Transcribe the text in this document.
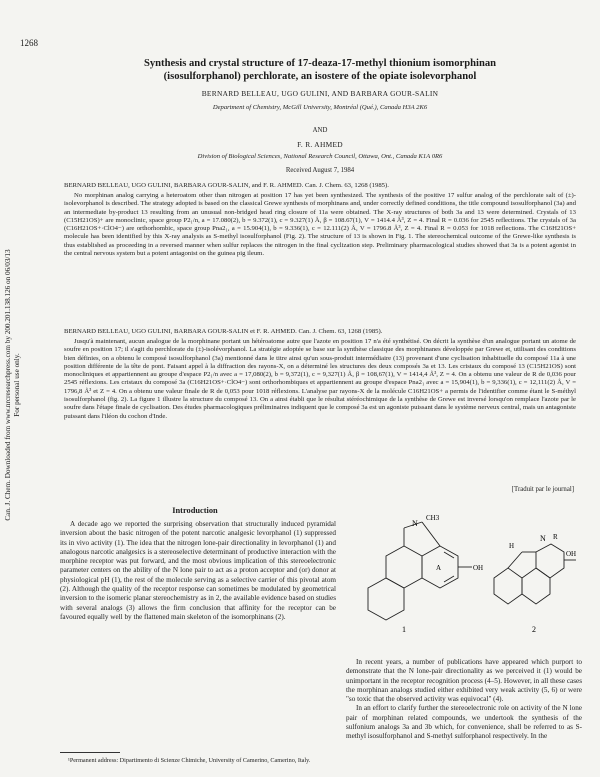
1268
Can. J. Chem. Downloaded from www.nrcresearchpress.com by 200.201.138.126 on 06/03/13 For personal use only.
Synthesis and crystal structure of 17-deaza-17-methyl thionium isomorphinan
(isosulforphanol) perchlorate, an isostere of the opiate isolevorphanol
BERNARD BELLEAU, UGO GULINI, AND BARBARA GOUR-SALIN
Department of Chemistry, McGill University, Montréal (Qué.), Canada H3A 2K6
AND
F. R. AHMED
Division of Biological Sciences, National Research Council, Ottawa, Ont., Canada K1A 0R6
Received August 7, 1984
BERNARD BELLEAU, UGO GULINI, BARBARA GOUR-SALIN, and F. R. AHMED. Can. J. Chem. 63, 1268 (1985).
No morphinan analog carrying a heteroatom other than nitrogen at position 17 has yet been synthesized. The synthesis of the positive 17 sulfur analog of the perchlorate salt of (±)-isolevorphanol is described. The strategy adopted is based on the classical Grewe synthesis of morphinans and, under correctly defined conditions, the title compound isosulforphanol (3a) and an intermediate by-product 13 resulting from an unusual non-bridged head ring closure of 11a were obtained. The X-ray structures of both 3a and 13 were determined. Crystals of 13 (C15H21OS)+ are monoclinic, space group P2₁/n, a = 17.080(2), b = 9.372(1), c = 9.327(1) Å, β = 108.67(1), V = 1414.4 Å³, Z = 4. Final R = 0.036 for 2545 reflections. The crystals of 3a (C16H21OS+·ClO4−) are orthorhombic, space group Pna2₁, a = 15.904(1), b = 9.336(1), c = 12.111(2) Å, V = 1796.8 Å³, Z = 4. Final R = 0.053 for 1018 reflections. The C16H21OS+ molecule has been identified by this X-ray analysis as S-methyl isosulforphanol (Fig. 2). The structure of 13 is shown in Fig. 1. The stereochemical outcome of the Grewe-like synthesis is thus established as proceeding in a reversed manner when sulfur replaces the nitrogen in the final cyclization step. Preliminary pharmacological studies showed that 3a is a potent agonist in the central nervous system but a potent antagonist on the guinea pig ileum.
BERNARD BELLEAU, UGO GULINI, BARBARA GOUR-SALIN et F. R. AHMED. Can. J. Chem. 63, 1268 (1985).
Jusqu'à maintenant, aucun analogue de la morphinane portant un hétéroatome autre que l'azote en position 17 n'a été synthétisé. On décrit la synthèse d'un analogue portant un atome de soufre en position 17; il s'agit du perchlorate du (±)-isolévorphanol. La stratégie adoptée se base sur la synthèse classique des morphinanes développée par Grewe et, utilisant des conditions bien définies, on a obtenu le composé isosulforphanol (3a) mentionné dans le titre ainsi qu'un sous-produit intermédiaire (13) provenant d'une cyclisation inhabituelle du composé 11a à une position différente de la tête de pont. Faisant appel à la diffraction des rayons-X, on a déterminé les structures des deux composés 3a et 13. Les cristaux du composé 13 (C15H21OS) sont monocliniques et appartiennent au groupe d'espace P2₁/n avec a = 17,080(2), b = 9,372(1), c = 9,327(1) Å, β = 108,67(1), V = 1414,4 Å³, Z = 4. On a obtenu une valeur de R de 0,036 pour 2545 réflexions. Les cristaux du composé 3a (C16H21OS+·ClO4−) sont orthorhombiques et appartiennent au groupe d'espace Pna2₁ avec a = 15,904(1), b = 9,336(1), c = 12,111(2) Å, V = 1796,8 Å³ et Z = 4. On a obtenu une valeur finale de R de 0,053 pour 1018 réflexions. L'analyse par rayons-X de la molécule C16H21OS+ a permis de l'identifier comme étant le S-méthyl isosulforphanol (fig. 2). La figure 1 illustre la structure du composé 13. On a ainsi établi que le résultat stéréochimique de la synthèse de Grewe est inversé lorsqu'on remplace l'azote par le soufre dans l'étape finale de cyclisation. Des études pharmacologiques préliminaires indiquent que le composé 3a est un agoniste puissant dans le système nerveux central, mais un antagoniste puissant dans l'iléon du cochon d'Inde.
[Traduit par le journal]
Introduction
A decade ago we reported the surprising observation that structurally induced pyramidal inversion about the basic nitrogen of the potent narcotic analgesic levorphanol (1) suppressed its in vivo activity (1). The idea that the nitrogen lone-pair directionality in levorphanol (1) and analogous narcotic analgesics is a stereoselective determinant of productive interaction with the morphine receptor was put forward, and the most obvious implication of this stereoelectronic parameter centers on the ability of the N lone pair to act as a proton acceptor and (or) donor at physiological pH (1), the rest of the molecule serving as a selective carrier of this pivotal atom (2). Although the quality of the receptor response can sometimes be modulated by geometrical inversion to the isomeric planar stereochemistry as in 2, the available evidence based on studies with several analogs (3) allows the firm conclusion that affinity for the receptor can be favoured equally well by the flattened main skeleton of the isomorphinans (2).
¹Permanent address: Dipartimento di Scienze Chimiche, University of Camerino, Camerino, Italy.
N
CH3
OH
A
1
H
N R
OH
2
In recent years, a number of publications have appeared which purport to demonstrate that the N lone-pair directionality as we perceived it (1) would be unimportant in the receptor recognition process (4–5). However, in all these cases the morphinan analogs studied either exhibited very weak activity (5, 6) or were "so toxic that the observed activity was equivocal" (4).
In an effort to clarify further the stereoelectronic role on activity of the N lone pair of morphinan related compounds, we undertook the synthesis of the sulfonium analogs 3a and 3b which, for convenience, shall be referred to as S-methyl isosulforphanol and S-methyl sulforphanol respectively. In the
